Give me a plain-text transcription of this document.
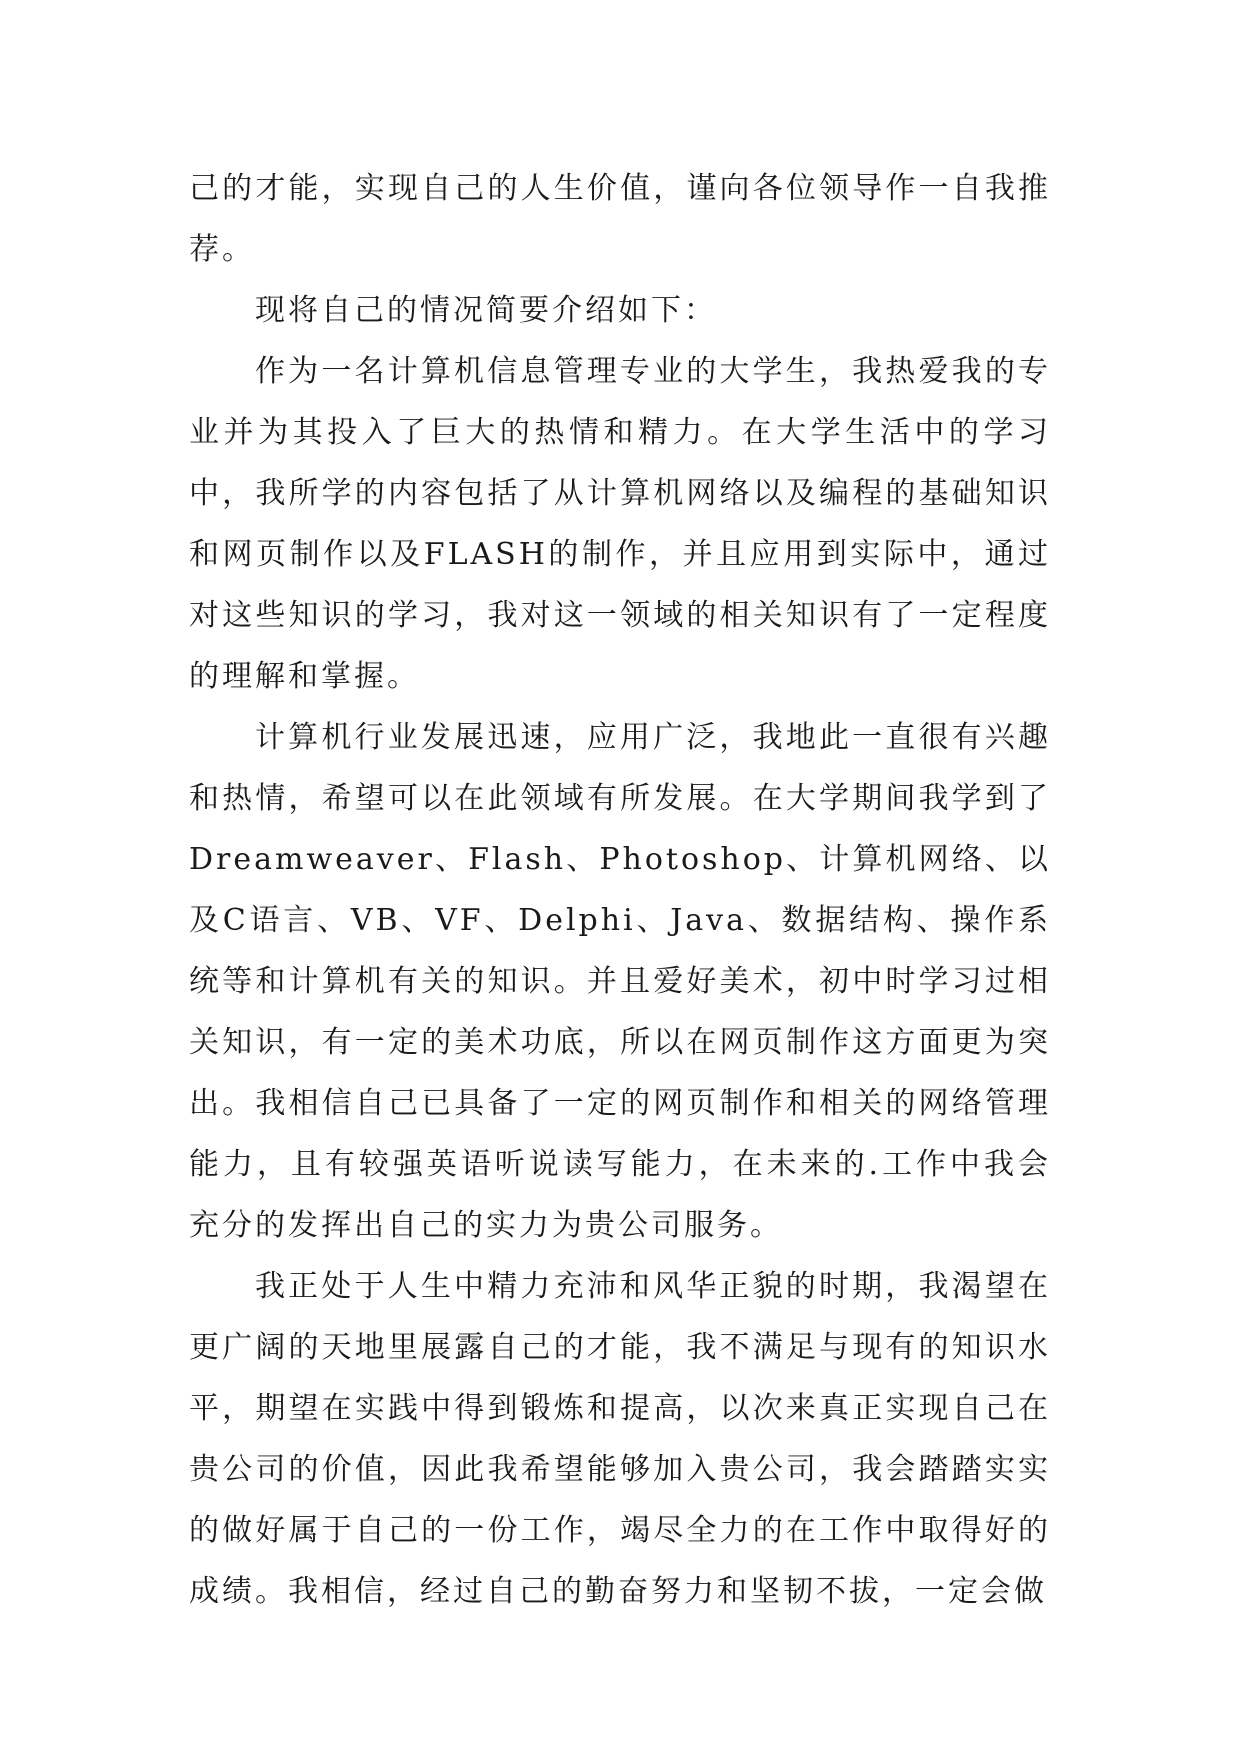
己的才能，实现自己的人生价值，谨向各位领导作一自我推荐。

现将自己的情况简要介绍如下：

作为一名计算机信息管理专业的大学生，我热爱我的专业并为其投入了巨大的热情和精力。在大学生活中的学习中，我所学的内容包括了从计算机网络以及编程的基础知识和网页制作以及FLASH的制作，并且应用到实际中，通过对这些知识的学习，我对这一领域的相关知识有了一定程度的理解和掌握。

计算机行业发展迅速，应用广泛，我地此一直很有兴趣和热情，希望可以在此领域有所发展。在大学期间我学到了Dreamweaver、Flash、Photoshop、计算机网络、以及C语言、VB、VF、Delphi、Java、数据结构、操作系统等和计算机有关的知识。并且爱好美术，初中时学习过相关知识，有一定的美术功底，所以在网页制作这方面更为突出。我相信自己已具备了一定的网页制作和相关的网络管理能力，且有较强英语听说读写能力，在未来的.工作中我会充分的发挥出自己的实力为贵公司服务。

我正处于人生中精力充沛和风华正貌的时期，我渴望在更广阔的天地里展露自己的才能，我不满足与现有的知识水平，期望在实践中得到锻炼和提高，以次来真正实现自己在贵公司的价值，因此我希望能够加入贵公司，我会踏踏实实的做好属于自己的一份工作，竭尽全力的在工作中取得好的成绩。我相信，经过自己的勤奋努力和坚韧不拔，一定会做
